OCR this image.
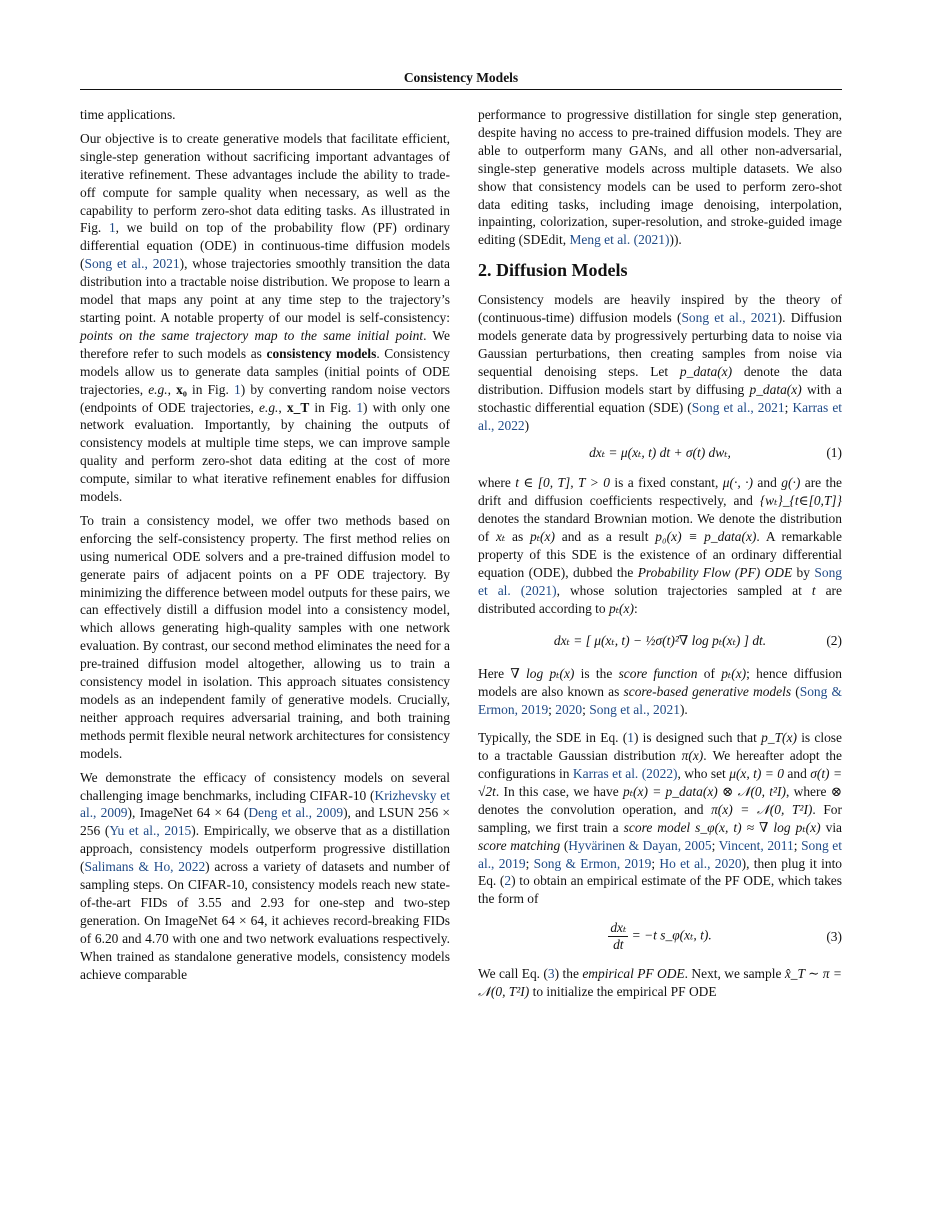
Consistency Models

time applications.

Our objective is to create generative models that facilitate efficient, single-step generation without sacrificing important advantages of iterative refinement. These advantages include the ability to trade-off compute for sample quality when necessary, as well as the capability to perform zero-shot data editing tasks. As illustrated in Fig. 1, we build on top of the probability flow (PF) ordinary differential equation (ODE) in continuous-time diffusion models (Song et al., 2021), whose trajectories smoothly transition the data distribution into a tractable noise distribution. We propose to learn a model that maps any point at any time step to the trajectory’s starting point. A notable property of our model is self-consistency: points on the same trajectory map to the same initial point. We therefore refer to such models as consistency models. Consistency models allow us to generate data samples (initial points of ODE trajectories, e.g., x₀ in Fig. 1) by converting random noise vectors (endpoints of ODE trajectories, e.g., x_T in Fig. 1) with only one network evaluation. Importantly, by chaining the outputs of consistency models at multiple time steps, we can improve sample quality and perform zero-shot data editing at the cost of more compute, similar to what iterative refinement enables for diffusion models.

To train a consistency model, we offer two methods based on enforcing the self-consistency property. The first method relies on using numerical ODE solvers and a pre-trained diffusion model to generate pairs of adjacent points on a PF ODE trajectory. By minimizing the difference between model outputs for these pairs, we can effectively distill a diffusion model into a consistency model, which allows generating high-quality samples with one network evaluation. By contrast, our second method eliminates the need for a pre-trained diffusion model altogether, allowing us to train a consistency model in isolation. This approach situates consistency models as an independent family of generative models. Crucially, neither approach requires adversarial training, and both training methods permit flexible neural network architectures for consistency models.

We demonstrate the efficacy of consistency models on several challenging image benchmarks, including CIFAR-10 (Krizhevsky et al., 2009), ImageNet 64 × 64 (Deng et al., 2009), and LSUN 256 × 256 (Yu et al., 2015). Empirically, we observe that as a distillation approach, consistency models outperform progressive distillation (Salimans & Ho, 2022) across a variety of datasets and number of sampling steps. On CIFAR-10, consistency models reach new state-of-the-art FIDs of 3.55 and 2.93 for one-step and two-step generation. On ImageNet 64 × 64, it achieves record-breaking FIDs of 6.20 and 4.70 with one and two network evaluations respectively. When trained as standalone generative models, consistency models achieve comparable

performance to progressive distillation for single step generation, despite having no access to pre-trained diffusion models. They are able to outperform many GANs, and all other non-adversarial, single-step generative models across multiple datasets. We also show that consistency models can be used to perform zero-shot data editing tasks, including image denoising, interpolation, inpainting, colorization, super-resolution, and stroke-guided image editing (SDEdit, Meng et al. (2021))).

2. Diffusion Models

Consistency models are heavily inspired by the theory of (continuous-time) diffusion models (Song et al., 2021). Diffusion models generate data by progressively perturbing data to noise via Gaussian perturbations, then creating samples from noise via sequential denoising steps. Let p_data(x) denote the data distribution. Diffusion models start by diffusing p_data(x) with a stochastic differential equation (SDE) (Song et al., 2021; Karras et al., 2022)

dxₜ = μ(xₜ, t) dt + σ(t) dwₜ,	(1)

where t ∈ [0, T], T > 0 is a fixed constant, μ(·, ·) and g(·) are the drift and diffusion coefficients respectively, and {wₜ}_{t∈[0,T]} denotes the standard Brownian motion. We denote the distribution of xₜ as pₜ(x) and as a result p₀(x) ≡ p_data(x). A remarkable property of this SDE is the existence of an ordinary differential equation (ODE), dubbed the Probability Flow (PF) ODE by Song et al. (2021), whose solution trajectories sampled at t are distributed according to pₜ(x):

dxₜ = [ μ(xₜ, t) − ½σ(t)²∇ log pₜ(xₜ) ] dt.	(2)

Here ∇ log pₜ(x) is the score function of pₜ(x); hence diffusion models are also known as score-based generative models (Song & Ermon, 2019; 2020; Song et al., 2021).

Typically, the SDE in Eq. (1) is designed such that p_T(x) is close to a tractable Gaussian distribution π(x). We hereafter adopt the configurations in Karras et al. (2022), who set μ(x, t) = 0 and σ(t) = √2t. In this case, we have pₜ(x) = p_data(x) ⊗ 𝒩(0, t²I), where ⊗ denotes the convolution operation, and π(x) = 𝒩(0, T²I). For sampling, we first train a score model s_φ(x, t) ≈ ∇ log pₜ(x) via score matching (Hyvärinen & Dayan, 2005; Vincent, 2011; Song et al., 2019; Song & Ermon, 2019; Ho et al., 2020), then plug it into Eq. (2) to obtain an empirical estimate of the PF ODE, which takes the form of

$\frac{\text{dxₜ}}{dt} = -t$ s_φ(xₜ, t).	(3)

We call Eq. (3) the empirical PF ODE. Next, we sample x̂_T ∼ π = 𝒩(0, T²I) to initialize the empirical PF ODE
